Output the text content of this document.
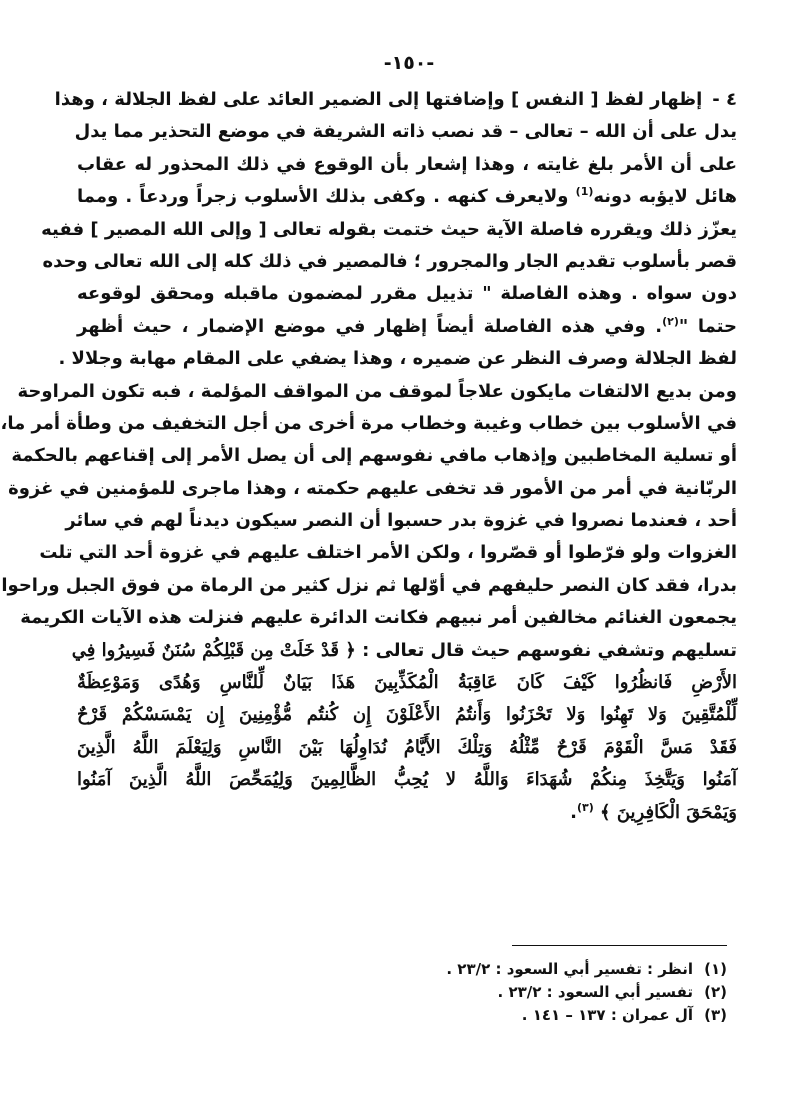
-١٥٠-
٤ -إظهار لفظ [ النفس ] وإضافتها إلى الضمير العائد على لفظ الجلالة ، وهذا
يدل على أن الله – تعالى – قد نصب ذاته الشريفة في موضع التحذير مما يدل
على أن الأمر بلغ غايته ، وهذا إشعار بأن الوقوع في ذلك المحذور له عقاب
هائل لايؤبه دونه$^{(1)}$ ولايعرف كنهه . وكفى بذلك الأسلوب زجراً وردعاً . ومما
يعزّز ذلك ويقرره فاصلة الآية حيث ختمت بقوله تعالى [ وإلى الله المصير ] ففيه
قصر بأسلوب تقديم الجار والمجرور ؛ فالمصير في ذلك كله إلى الله تعالى وحده
دون سواه . وهذه الفاصلة " تذييل مقرر لمضمون ماقبله ومحقق لوقوعه
حتما "$^{(٢)}$. وفي هذه الفاصلة أيضاً إظهار في موضع الإضمار ، حيث أظهر
لفظ الجلالة وصرف النظر عن ضميره ، وهذا يضفي على المقام مهابة وجلالا .
ومن بديع الالتفات مايكون علاجاً لموقف من المواقف المؤلمة ، فبه تكون المراوحة
في الأسلوب بين خطاب وغيبة وخطاب مرة أخرى من أجل التخفيف من وطأة أمر ما،
أو تسلية المخاطبين وإذهاب مافي نفوسهم إلى أن يصل الأمر إلى إقناعهم بالحكمة
الربّانية في أمر من الأمور قد تخفى عليهم حكمته ، وهذا ماجرى للمؤمنين في غزوة
أحد ، فعندما نصروا في غزوة بدر حسبوا أن النصر سيكون ديدناً لهم في سائر
الغزوات ولو فرّطوا أو قصّروا ، ولكن الأمر اختلف عليهم في غزوة أحد التي تلت
بدرا، فقد كان النصر حليفهم في أوّلها ثم نزل كثير من الرماة من فوق الجبل وراحوا
يجمعون الغنائم مخالفين أمر نبيهم فكانت الدائرة عليهم فنزلت هذه الآيات الكريمة
تسليهم وتشفي نفوسهم حيث قال تعالى : ﴿ قَدْ خَلَتْ مِن قَبْلِكُمْ سُنَنٌ فَسِيرُوا فِي
الأَرْضِ فَانظُرُوا كَيْفَ كَانَ عَاقِبَةُ الْمُكَذِّبِينَ هَذَا بَيَانٌ لِّلنَّاسِ وَهُدًى وَمَوْعِظَةٌ
لِّلْمُتَّقِينَ وَلا تَهِنُوا وَلا تَحْزَنُوا وَأَنتُمُ الأَعْلَوْنَ إِن كُنتُم مُّؤْمِنِينَ إِن يَمْسَسْكُمْ قَرْحٌ
فَقَدْ مَسَّ الْقَوْمَ قَرْحٌ مِّثْلُهُ وَتِلْكَ الأَيَّامُ نُدَاوِلُهَا بَيْنَ النَّاسِ وَلِيَعْلَمَ اللَّهُ الَّذِينَ
آمَنُوا وَيَتَّخِذَ مِنكُمْ شُهَدَاءَ وَاللَّهُ لا يُحِبُّ الظَّالِمِينَ وَلِيُمَحِّصَ اللَّهُ الَّذِينَ آمَنُوا
وَيَمْحَقَ الْكَافِرِينَ ﴾ $^{(٣)}$.
(١)انظر : تفسير أبي السعود : ٢٣/٢ .
(٢)تفسير أبي السعود : ٢٣/٢ .
(٣)آل عمران : ١٣٧ – ١٤١ .
